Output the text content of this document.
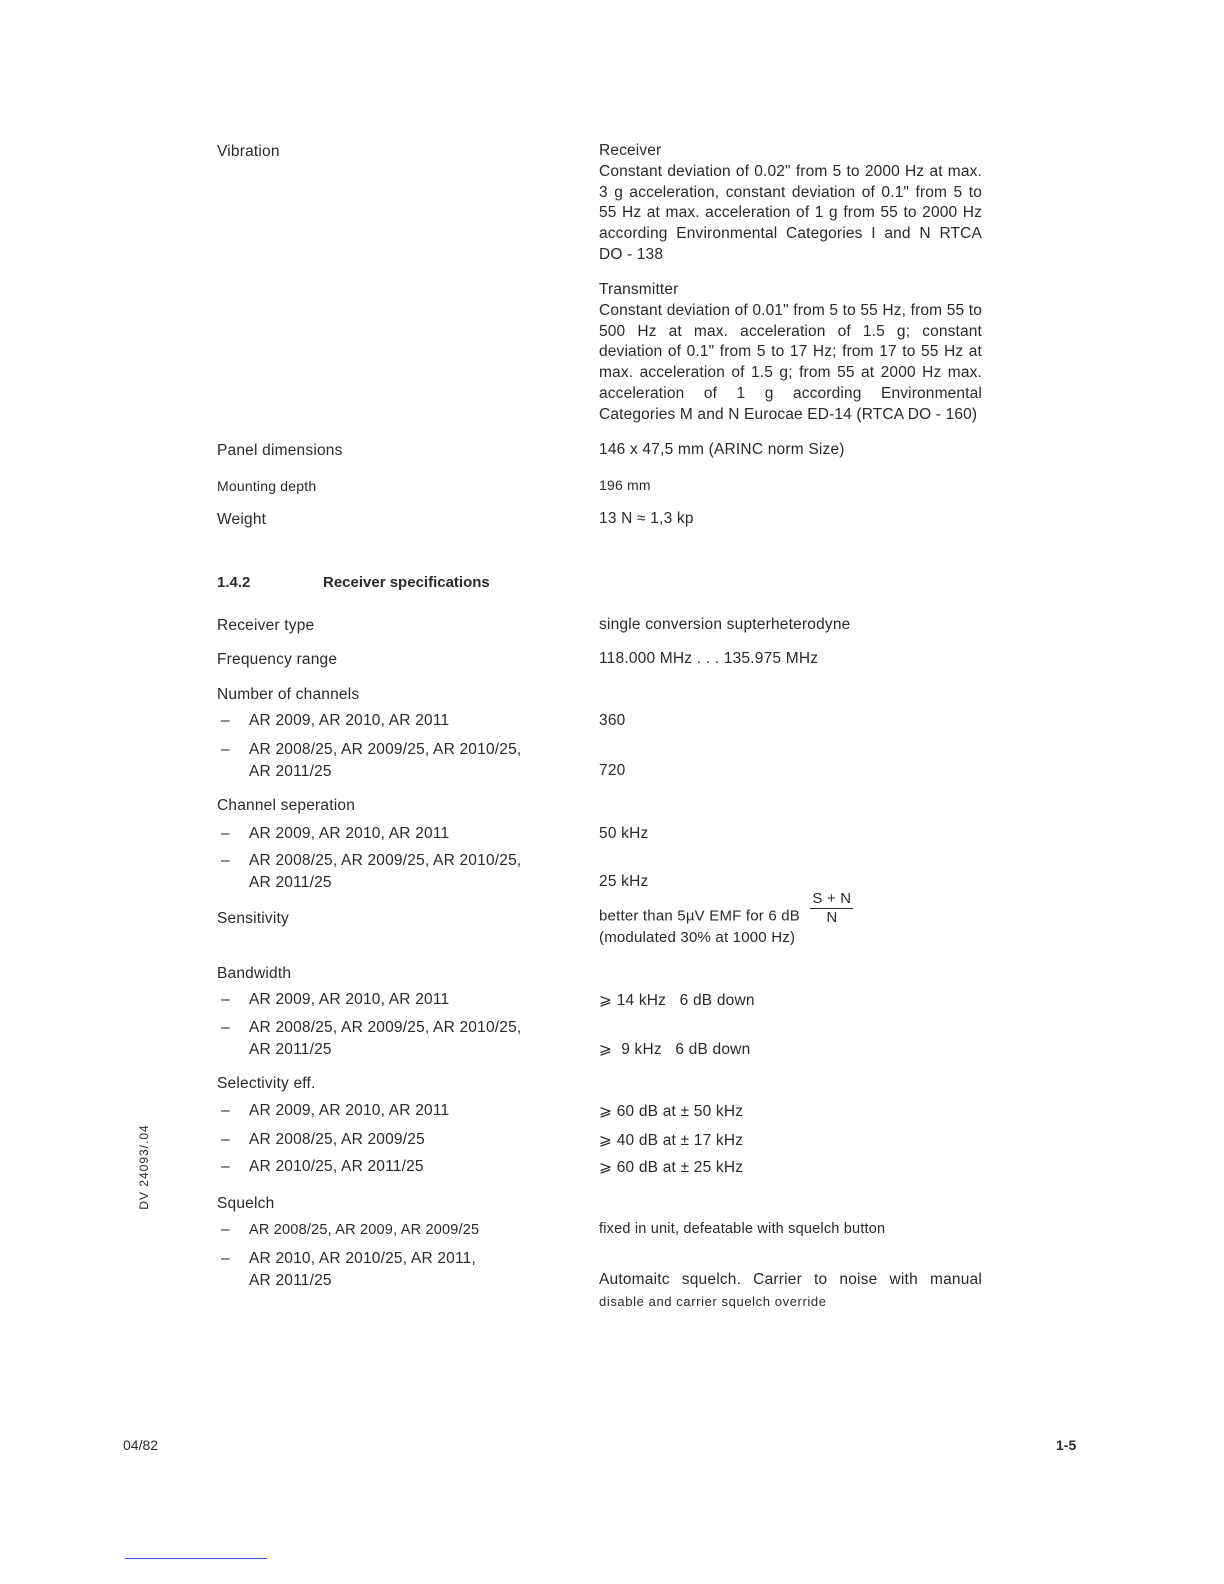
Vibration	Receiver
Constant deviation of 0.02" from 5 to 2000 Hz at max. 3 g acceleration, constant deviation of 0.1" from 5 to 55 Hz at max. acceleration of 1 g from 55 to 2000 Hz according Environmental Categories I and N RTCA DO - 138
Transmitter
Constant deviation of 0.01" from 5 to 55 Hz, from 55 to 500 Hz at max. acceleration of 1.5 g; constant deviation of 0.1" from 5 to 17 Hz; from 17 to 55 Hz at max. acceleration of 1.5 g; from 55 at 2000 Hz max. acceleration of 1 g according Environmental Categories M and N Eurocae ED-14 (RTCA DO - 160)
Panel dimensions	146 x 47,5 mm (ARINC norm Size)
Mounting depth	196 mm
Weight	13 N ≈ 1,3 kp
1.4.2	Receiver specifications
Receiver type	single conversion supterheterodyne
Frequency range	118.000 MHz . . . 135.975 MHz
Number of channels
– AR 2009, AR 2010, AR 2011	360
– AR 2008/25, AR 2009/25, AR 2010/25,
AR 2011/25	720
Channel seperation
– AR 2009, AR 2010, AR 2011	50 kHz
– AR 2008/25, AR 2009/25, AR 2010/25,
AR 2011/25	25 kHz
Sensitivity	better than 5µV EMF for 6 dB $\frac{S + N}{N}$
(modulated 30% at 1000 Hz)
Bandwidth
– AR 2009, AR 2010, AR 2011	⩾ 14 kHz   6 dB down
– AR 2008/25, AR 2009/25, AR 2010/25,
AR 2011/25	⩾  9 kHz   6 dB down
Selectivity eff.
– AR 2009, AR 2010, AR 2011	⩾ 60 dB at ± 50 kHz
– AR 2008/25, AR 2009/25	⩾ 40 dB at ± 17 kHz
– AR 2010/25, AR 2011/25	⩾ 60 dB at ± 25 kHz
Squelch
– AR 2008/25, AR 2009, AR 2009/25	fixed in unit, defeatable with squelch button
– AR 2010, AR 2010/25, AR 2011,
AR 2011/25	Automaitc squelch. Carrier to noise with manual
disable and carrier squelch override
DV 24093/.04
04/82	1-5
